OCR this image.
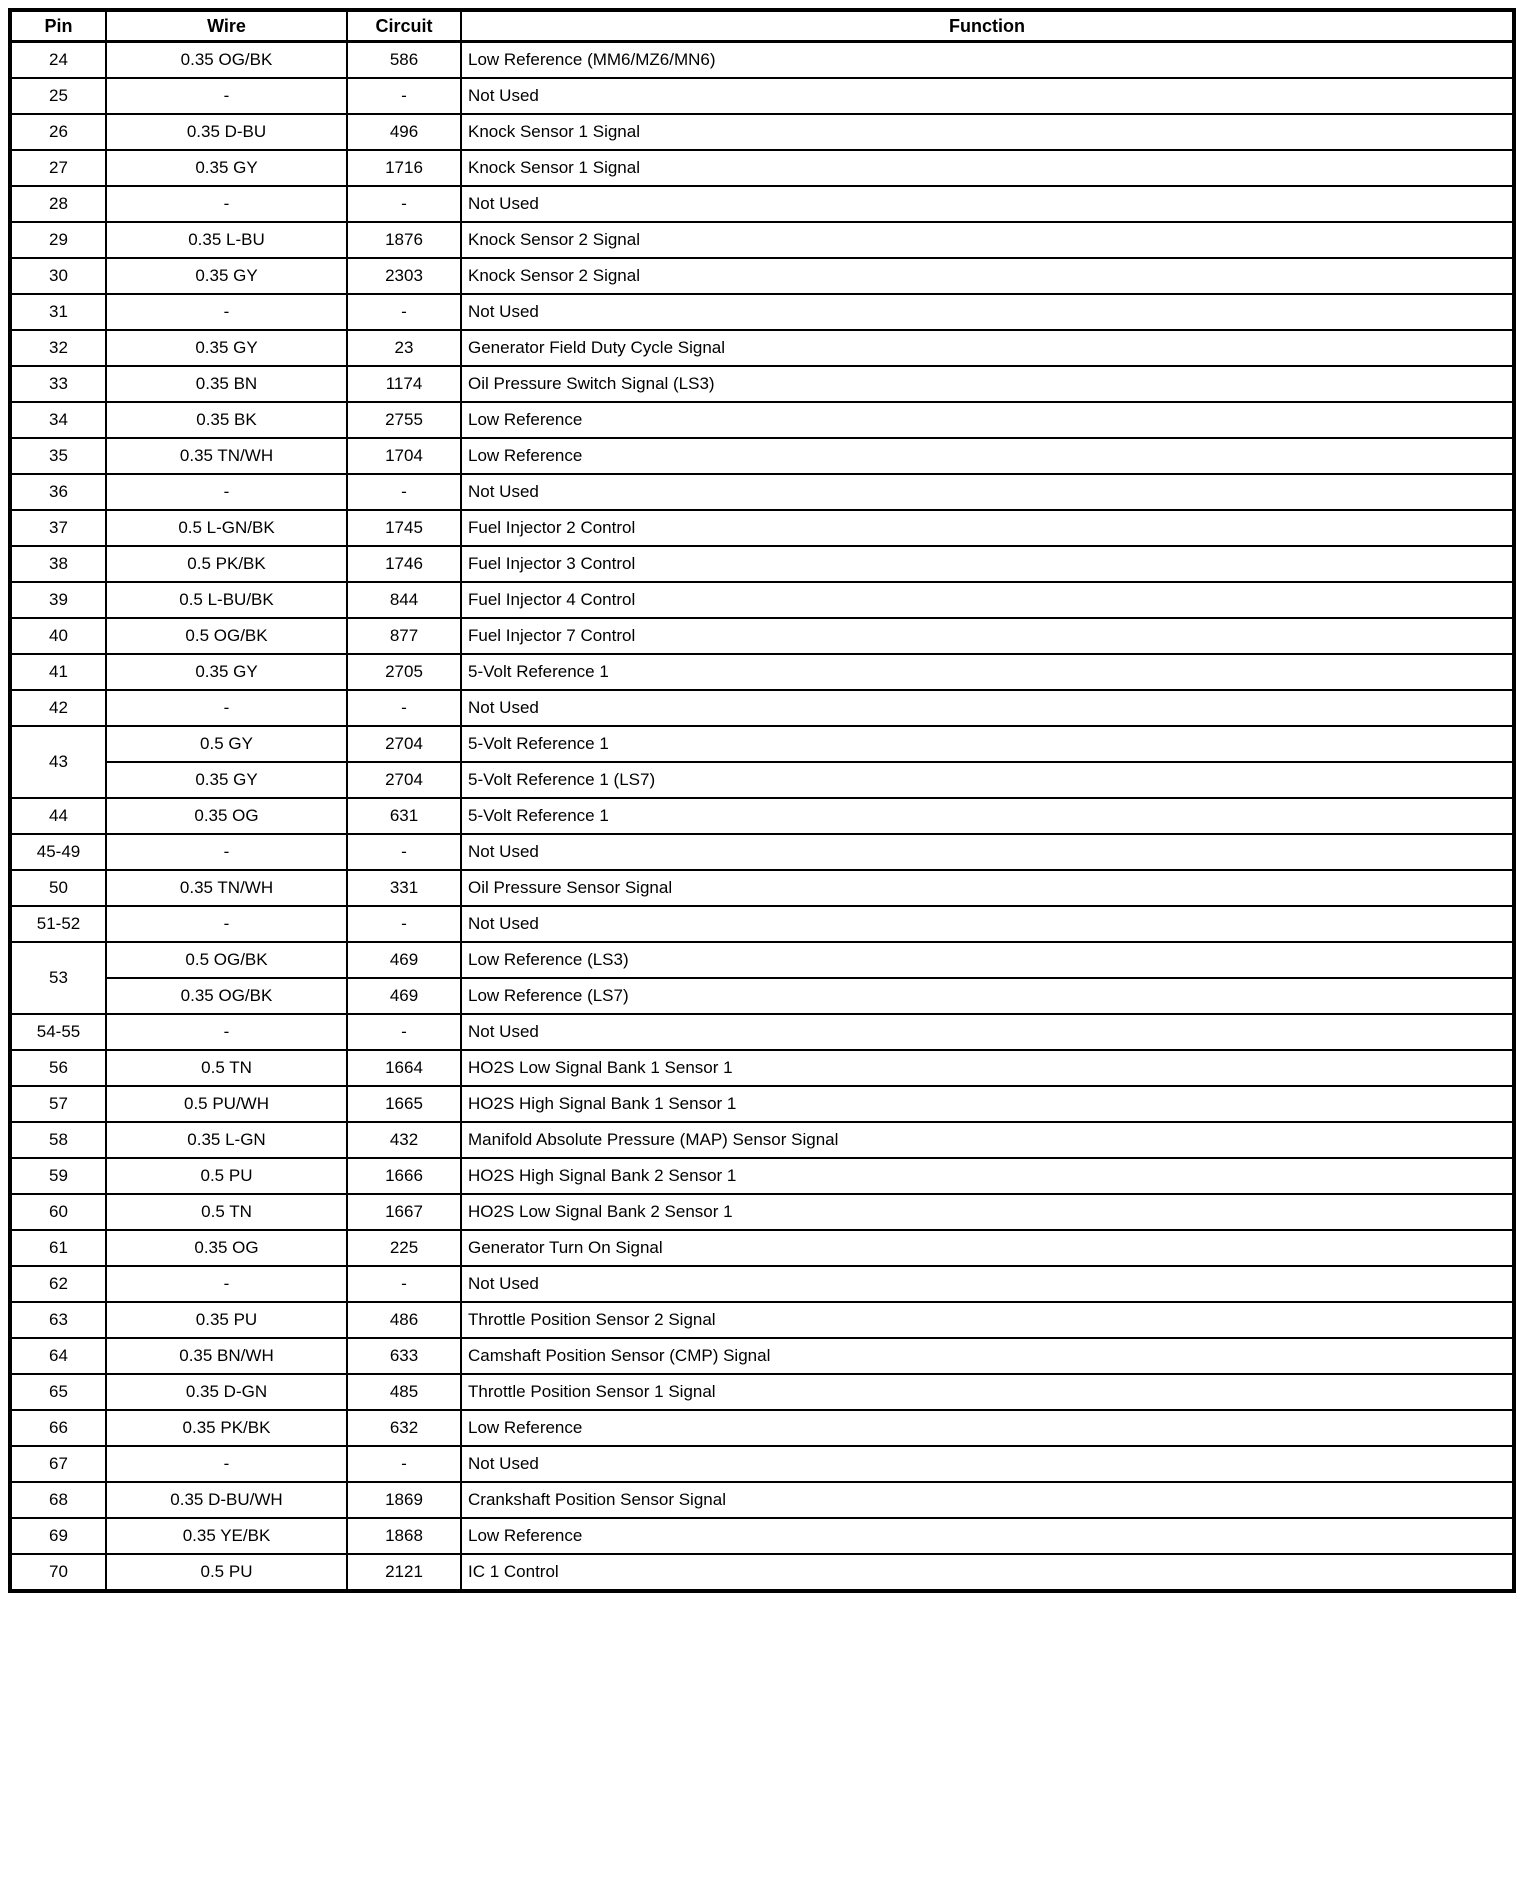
Pin	Wire	Circuit	Function
24	0.35 OG/BK	586	Low Reference (MM6/MZ6/MN6)
25	-	-	Not Used
26	0.35 D-BU	496	Knock Sensor 1 Signal
27	0.35 GY	1716	Knock Sensor 1 Signal
28	-	-	Not Used
29	0.35 L-BU	1876	Knock Sensor 2 Signal
30	0.35 GY	2303	Knock Sensor 2 Signal
31	-	-	Not Used
32	0.35 GY	23	Generator Field Duty Cycle Signal
33	0.35 BN	1174	Oil Pressure Switch Signal (LS3)
34	0.35 BK	2755	Low Reference
35	0.35 TN/WH	1704	Low Reference
36	-	-	Not Used
37	0.5 L-GN/BK	1745	Fuel Injector 2 Control
38	0.5 PK/BK	1746	Fuel Injector 3 Control
39	0.5 L-BU/BK	844	Fuel Injector 4 Control
40	0.5 OG/BK	877	Fuel Injector 7 Control
41	0.35 GY	2705	5-Volt Reference 1
42	-	-	Not Used
43	0.5 GY	2704	5-Volt Reference 1
	0.35 GY	2704	5-Volt Reference 1 (LS7)
44	0.35 OG	631	5-Volt Reference 1
45-49	-	-	Not Used
50	0.35 TN/WH	331	Oil Pressure Sensor Signal
51-52	-	-	Not Used
53	0.5 OG/BK	469	Low Reference (LS3)
	0.35 OG/BK	469	Low Reference (LS7)
54-55	-	-	Not Used
56	0.5 TN	1664	HO2S Low Signal Bank 1 Sensor 1
57	0.5 PU/WH	1665	HO2S High Signal Bank 1 Sensor 1
58	0.35 L-GN	432	Manifold Absolute Pressure (MAP) Sensor Signal
59	0.5 PU	1666	HO2S High Signal Bank 2 Sensor 1
60	0.5 TN	1667	HO2S Low Signal Bank 2 Sensor 1
61	0.35 OG	225	Generator Turn On Signal
62	-	-	Not Used
63	0.35 PU	486	Throttle Position Sensor 2 Signal
64	0.35 BN/WH	633	Camshaft Position Sensor (CMP) Signal
65	0.35 D-GN	485	Throttle Position Sensor 1 Signal
66	0.35 PK/BK	632	Low Reference
67	-	-	Not Used
68	0.35 D-BU/WH	1869	Crankshaft Position Sensor Signal
69	0.35 YE/BK	1868	Low Reference
70	0.5 PU	2121	IC 1 Control
